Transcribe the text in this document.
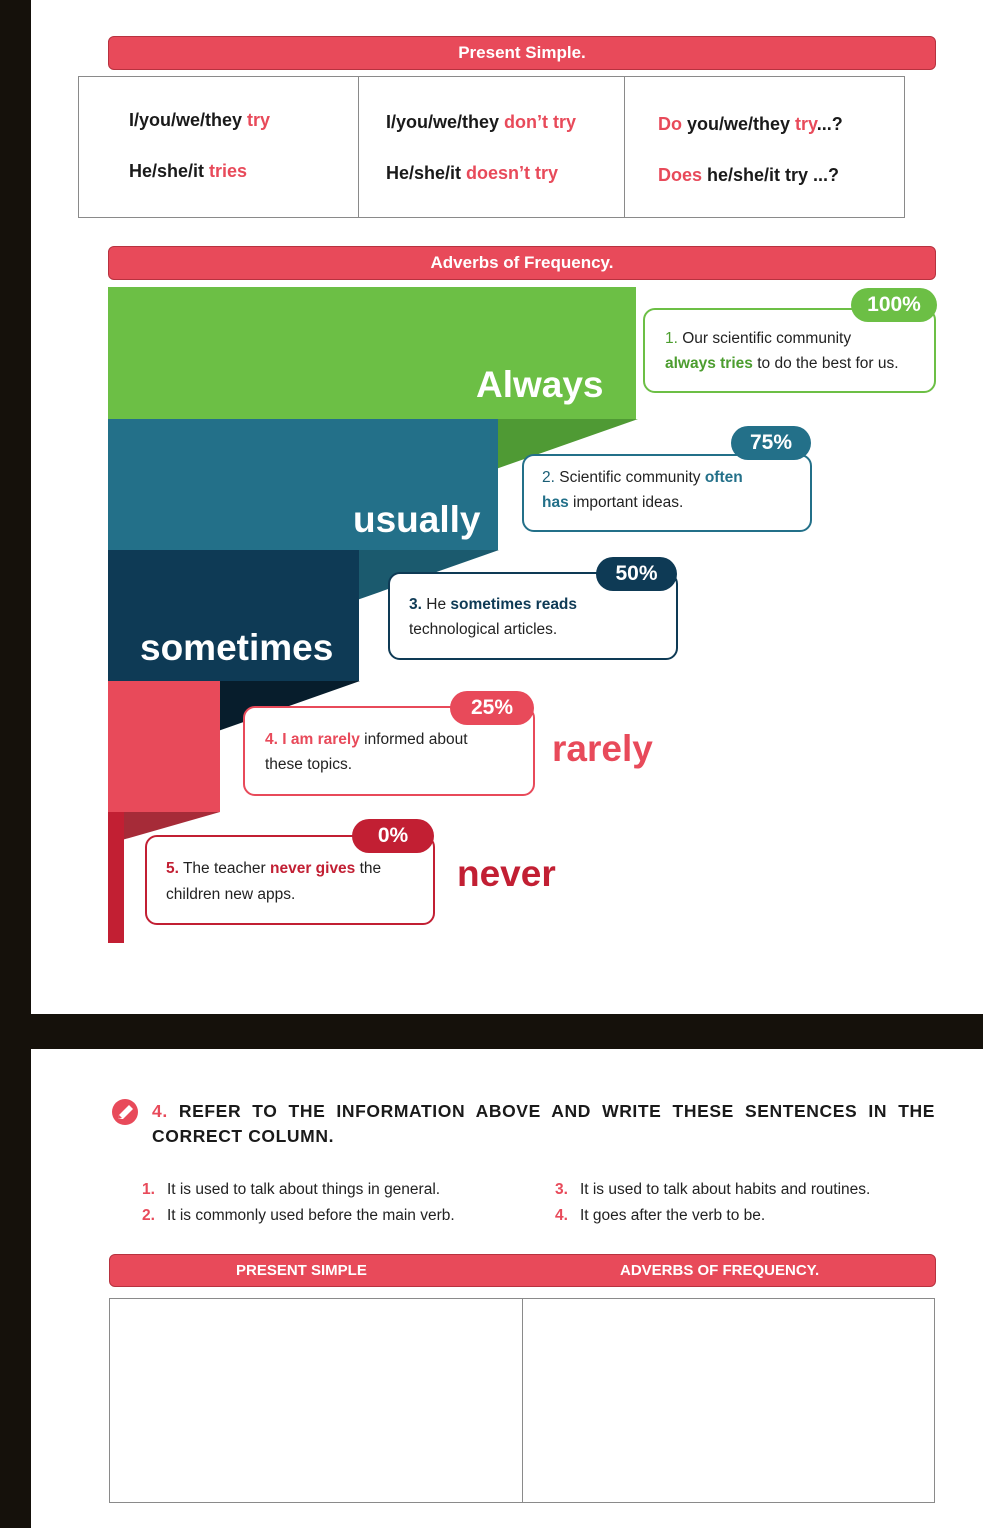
Present Simple.
I/you/we/they try
He/she/it tries
I/you/we/they don’t try
He/she/it doesn’t try
Do you/we/they try...?
Does he/she/it try ...?
Adverbs of Frequency.
Always
usually
sometimes
1. Our scientific community
always tries to do the best for us.
100%
2. Scientific community often
has important ideas.
75%
3. He sometimes reads
technological articles.
50%
4. I am rarely informed about
these topics.
25%
rarely
5. The teacher never gives the
children new apps.
0%
never
4. REFER TO THE INFORMATION ABOVE AND WRITE THESE SENTENCES IN THE CORRECT COLUMN.
1. It is used to talk about things in general.
2. It is commonly used before the main verb.
3. It is used to talk about habits and routines.
4. It goes after the verb to be.
PRESENT SIMPLE	ADVERBS OF FREQUENCY.
